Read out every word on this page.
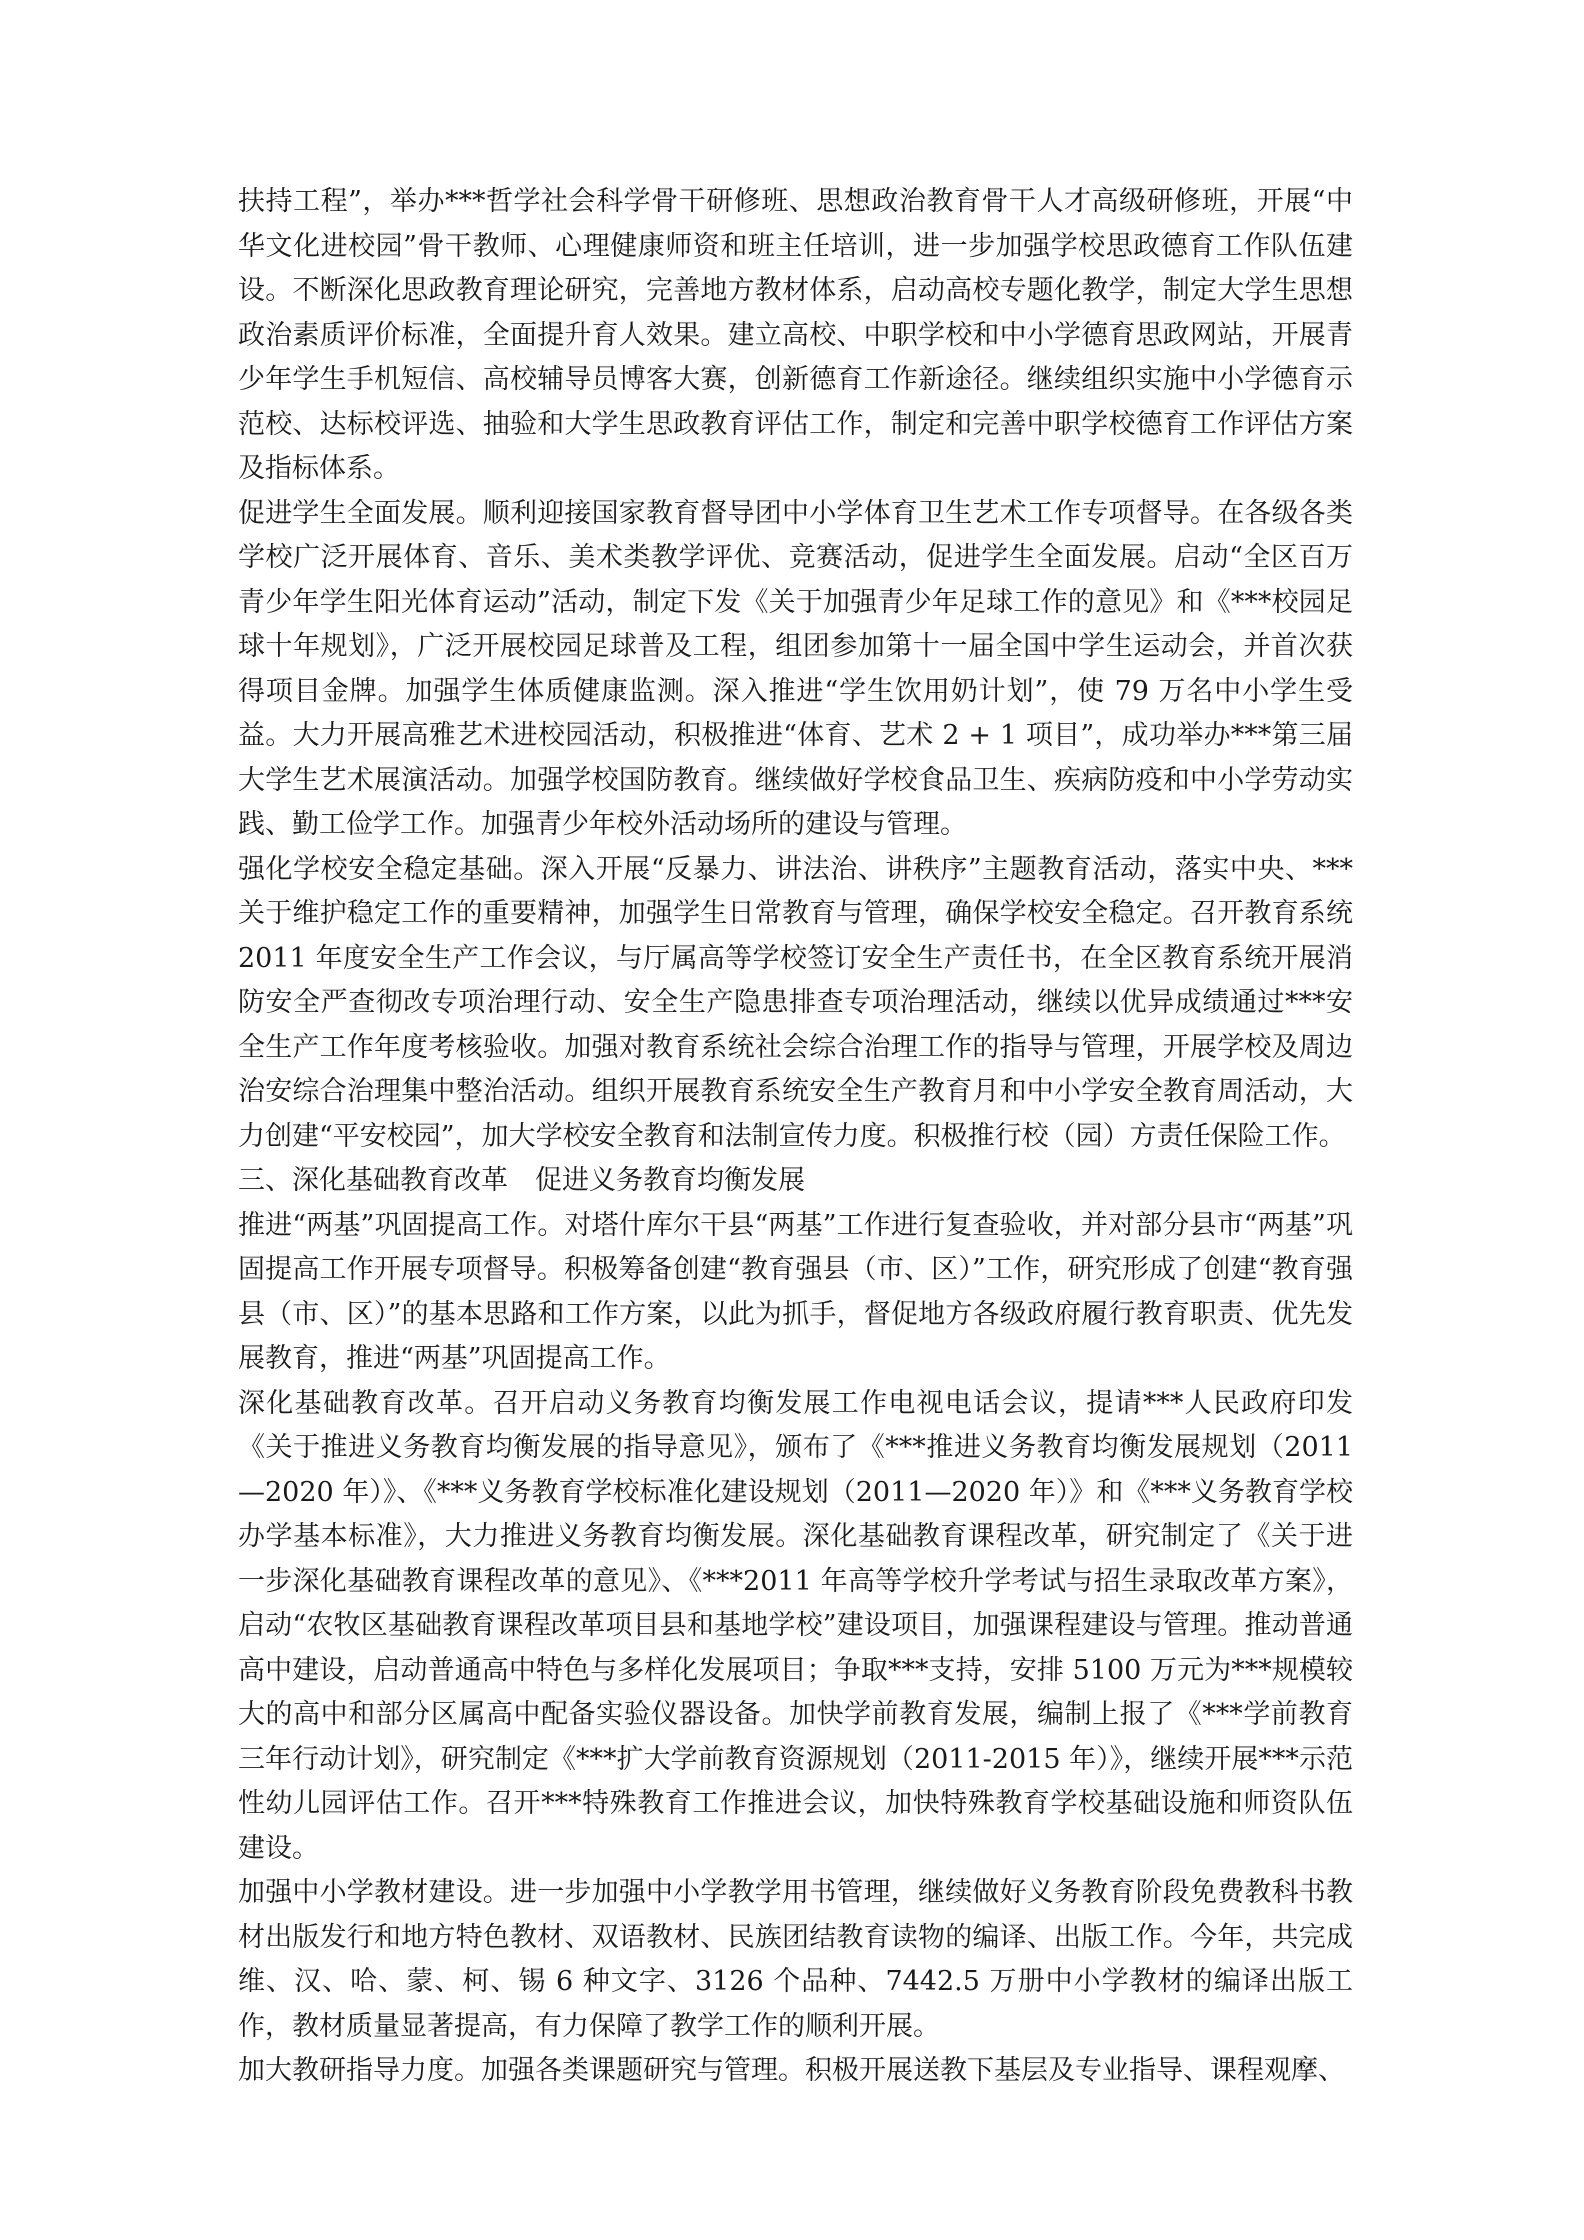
扶持工程”，举办***哲学社会科学骨干研修班、思想政治教育骨干人才高级研修班，开展“中华文化进校园”骨干教师、心理健康师资和班主任培训，进一步加强学校思政德育工作队伍建设。不断深化思政教育理论研究，完善地方教材体系，启动高校专题化教学，制定大学生思想政治素质评价标准，全面提升育人效果。建立高校、中职学校和中小学德育思政网站，开展青少年学生手机短信、高校辅导员博客大赛，创新德育工作新途径。继续组织实施中小学德育示范校、达标校评选、抽验和大学生思政教育评估工作，制定和完善中职学校德育工作评估方案及指标体系。

促进学生全面发展。顺利迎接国家教育督导团中小学体育卫生艺术工作专项督导。在各级各类学校广泛开展体育、音乐、美术类教学评优、竞赛活动，促进学生全面发展。启动“全区百万青少年学生阳光体育运动”活动，制定下发《关于加强青少年足球工作的意见》和《***校园足球十年规划》，广泛开展校园足球普及工程，组团参加第十一届全国中学生运动会，并首次获得项目金牌。加强学生体质健康监测。深入推进“学生饮用奶计划”，使 79 万名中小学生受益。大力开展高雅艺术进校园活动，积极推进“体育、艺术 2 + 1 项目”，成功举办***第三届大学生艺术展演活动。加强学校国防教育。继续做好学校食品卫生、疾病防疫和中小学劳动实践、勤工俭学工作。加强青少年校外活动场所的建设与管理。

强化学校安全稳定基础。深入开展“反暴力、讲法治、讲秩序”主题教育活动，落实中央、***关于维护稳定工作的重要精神，加强学生日常教育与管理，确保学校安全稳定。召开教育系统 2011 年度安全生产工作会议，与厅属高等学校签订安全生产责任书，在全区教育系统开展消防安全严查彻改专项治理行动、安全生产隐患排查专项治理活动，继续以优异成绩通过***安全生产工作年度考核验收。加强对教育系统社会综合治理工作的指导与管理，开展学校及周边治安综合治理集中整治活动。组织开展教育系统安全生产教育月和中小学安全教育周活动，大力创建“平安校园”，加大学校安全教育和法制宣传力度。积极推行校（园）方责任保险工作。

三、深化基础教育改革　促进义务教育均衡发展

推进“两基”巩固提高工作。对塔什库尔干县“两基”工作进行复查验收，并对部分县市“两基”巩固提高工作开展专项督导。积极筹备创建“教育强县（市、区）”工作，研究形成了创建“教育强县（市、区）”的基本思路和工作方案，以此为抓手，督促地方各级政府履行教育职责、优先发展教育，推进“两基”巩固提高工作。

深化基础教育改革。召开启动义务教育均衡发展工作电视电话会议，提请***人民政府印发《关于推进义务教育均衡发展的指导意见》，颁布了《***推进义务教育均衡发展规划（2011—2020 年）》、《***义务教育学校标准化建设规划（2011—2020 年）》和《***义务教育学校办学基本标准》，大力推进义务教育均衡发展。深化基础教育课程改革，研究制定了《关于进一步深化基础教育课程改革的意见》、《***2011 年高等学校升学考试与招生录取改革方案》，启动“农牧区基础教育课程改革项目县和基地学校”建设项目，加强课程建设与管理。推动普通高中建设，启动普通高中特色与多样化发展项目；争取***支持，安排 5100 万元为***规模较大的高中和部分区属高中配备实验仪器设备。加快学前教育发展，编制上报了《***学前教育三年行动计划》，研究制定《***扩大学前教育资源规划（2011-2015 年）》，继续开展***示范性幼儿园评估工作。召开***特殊教育工作推进会议，加快特殊教育学校基础设施和师资队伍建设。

加强中小学教材建设。进一步加强中小学教学用书管理，继续做好义务教育阶段免费教科书教材出版发行和地方特色教材、双语教材、民族团结教育读物的编译、出版工作。今年，共完成维、汉、哈、蒙、柯、锡 6 种文字、3126 个品种、7442.5 万册中小学教材的编译出版工作，教材质量显著提高，有力保障了教学工作的顺利开展。

加大教研指导力度。加强各类课题研究与管理。积极开展送教下基层及专业指导、课程观摩、
